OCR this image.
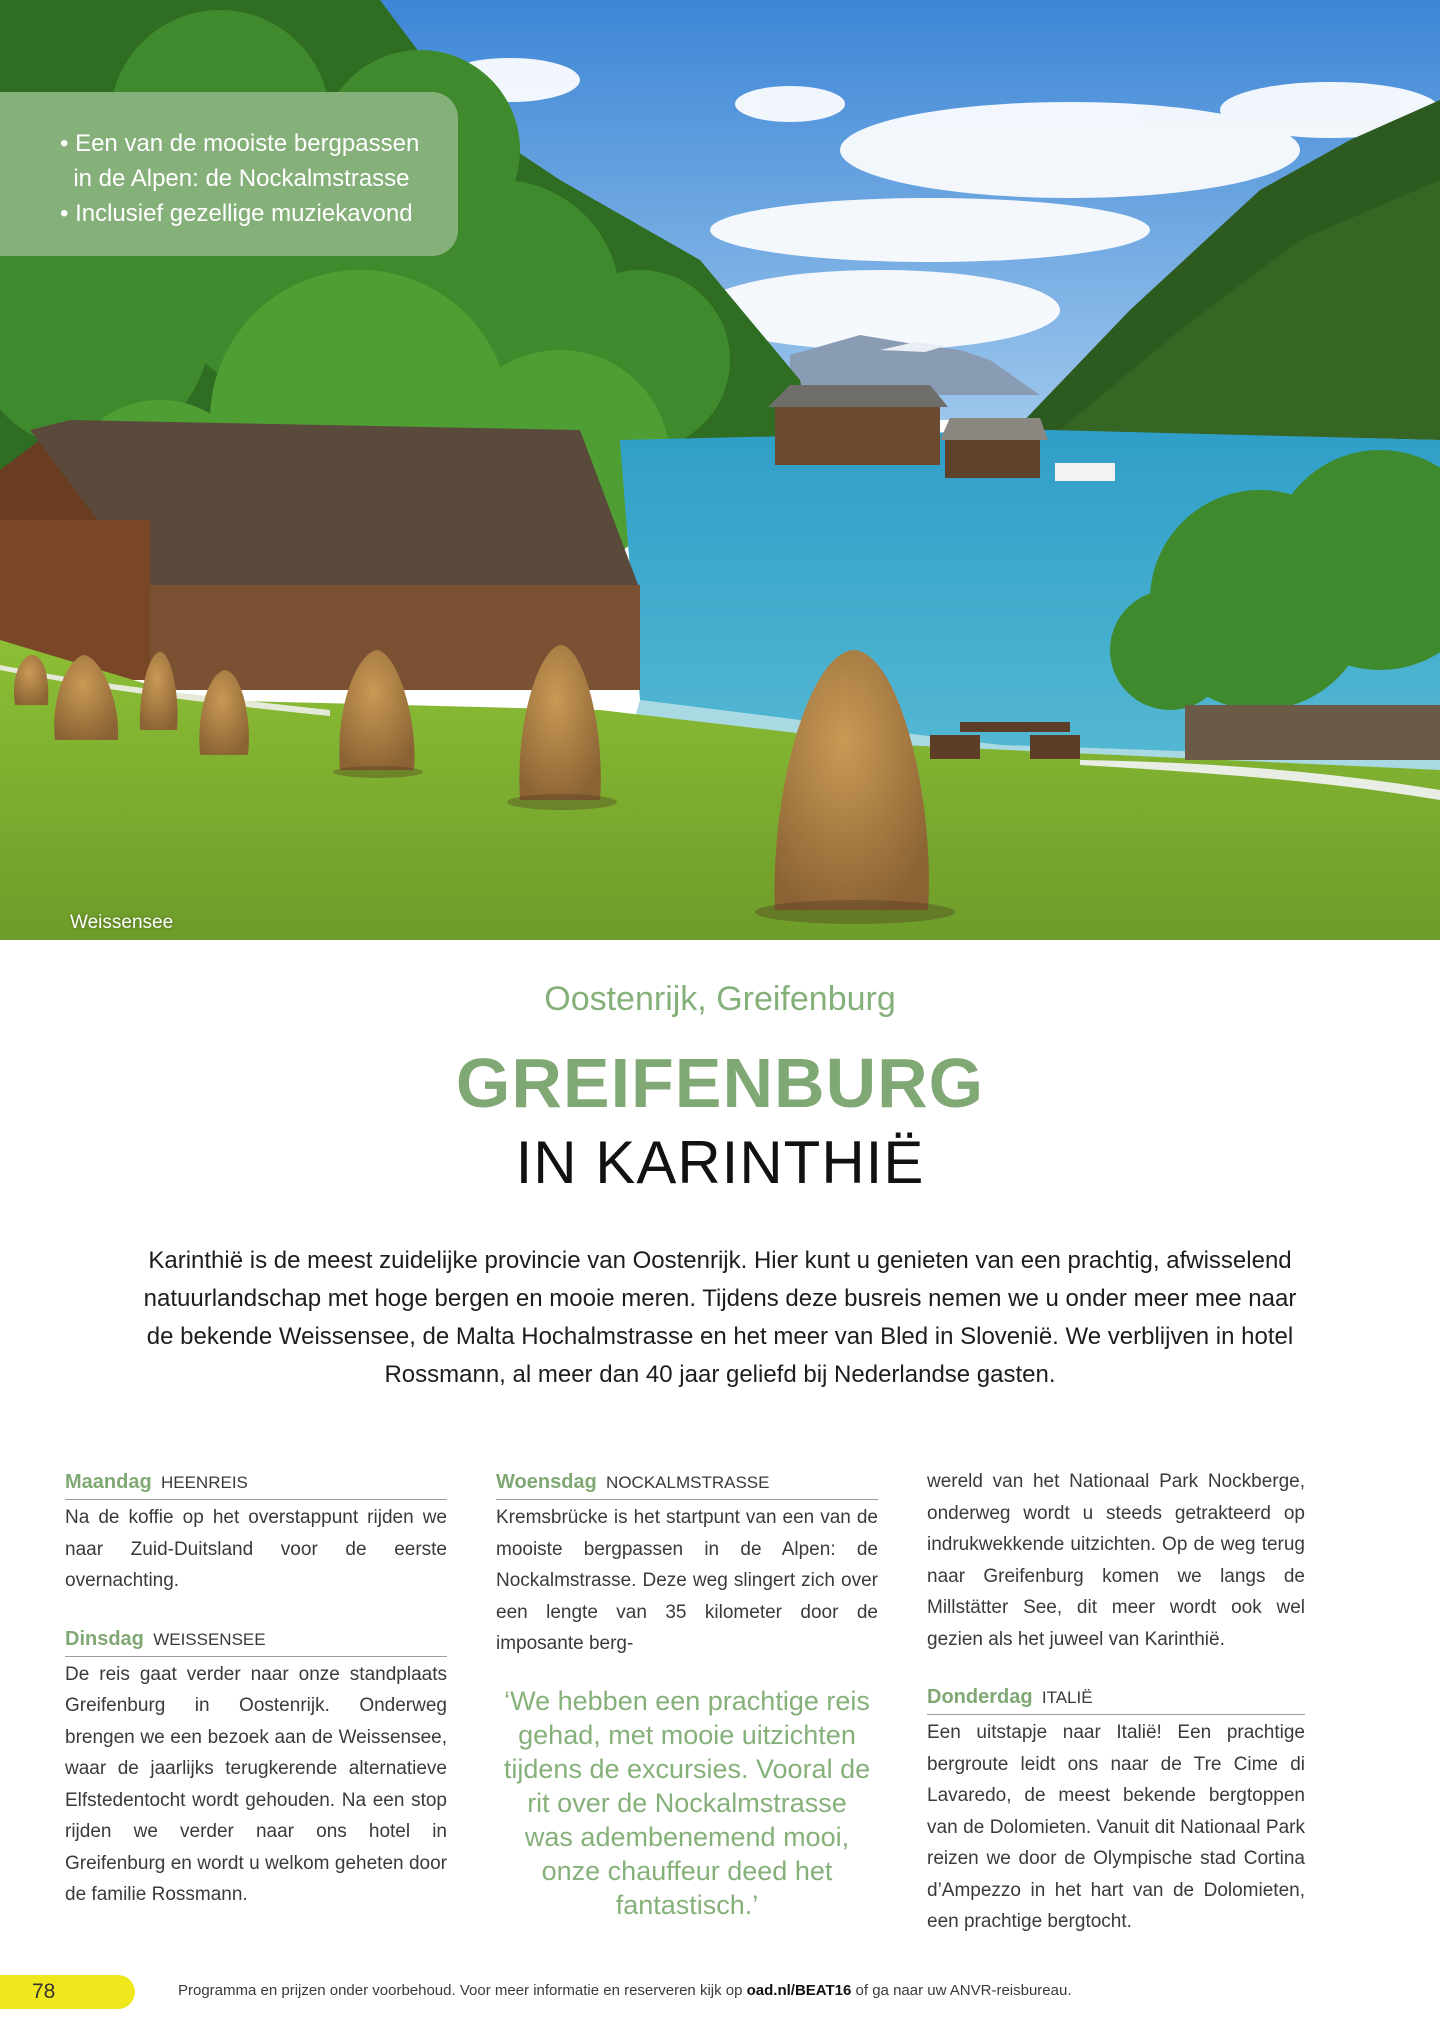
• Een van de mooiste bergpassen
in de Alpen: de Nockalmstrasse
• Inclusief gezellige muziekavond
Weissensee
Oostenrijk, Greifenburg
GREIFENBURG
IN KARINTHIË

Karinthië is de meest zuidelijke provincie van Oostenrijk. Hier kunt u genieten van een prachtig, afwisselend natuurlandschap met hoge bergen en mooie meren. Tijdens deze busreis nemen we u onder meer mee naar de bekende Weissensee, de Malta Hochalmstrasse en het meer van Bled in Slovenië. We verblijven in hotel Rossmann, al meer dan 40 jaar geliefd bij Nederlandse gasten.

Maandag HEENREIS
Na de koffie op het overstappunt rijden we naar Zuid-Duitsland voor de eerste overnachting.
Dinsdag WEISSENSEE
De reis gaat verder naar onze standplaats Greifenburg in Oostenrijk. Onderweg brengen we een bezoek aan de Weissensee, waar de jaarlijks terugkerende alternatieve Elfstedentocht wordt gehouden. Na een stop rijden we verder naar ons hotel in Greifenburg en wordt u welkom geheten door de familie Rossmann.
Woensdag NOCKALMSTRASSE
Kremsbrücke is het startpunt van een van de mooiste bergpassen in de Alpen: de Nockalmstrasse. Deze weg slingert zich over een lengte van 35 kilometer door de imposante berg-
‘We hebben een prachtige reis gehad, met mooie uitzichten tijdens de excursies. Vooral de rit over de Nockalmstrasse was adembenemend mooi, onze chauffeur deed het fantastisch.’
wereld van het Nationaal Park Nockberge, onderweg wordt u steeds getrakteerd op indrukwekkende uitzichten. Op de weg terug naar Greifenburg komen we langs de Millstätter See, dit meer wordt ook wel gezien als het juweel van Karinthië.
Donderdag ITALIË
Een uitstapje naar Italië! Een prachtige bergroute leidt ons naar de Tre Cime di Lavaredo, de meest bekende bergtoppen van de Dolomieten. Vanuit dit Nationaal Park reizen we door de Olympische stad Cortina d’Ampezzo in het hart van de Dolomieten, een prachtige bergtocht.
78	Programma en prijzen onder voorbehoud. Voor meer informatie en reserveren kijk op oad.nl/BEAT16 of ga naar uw ANVR-reisbureau.
